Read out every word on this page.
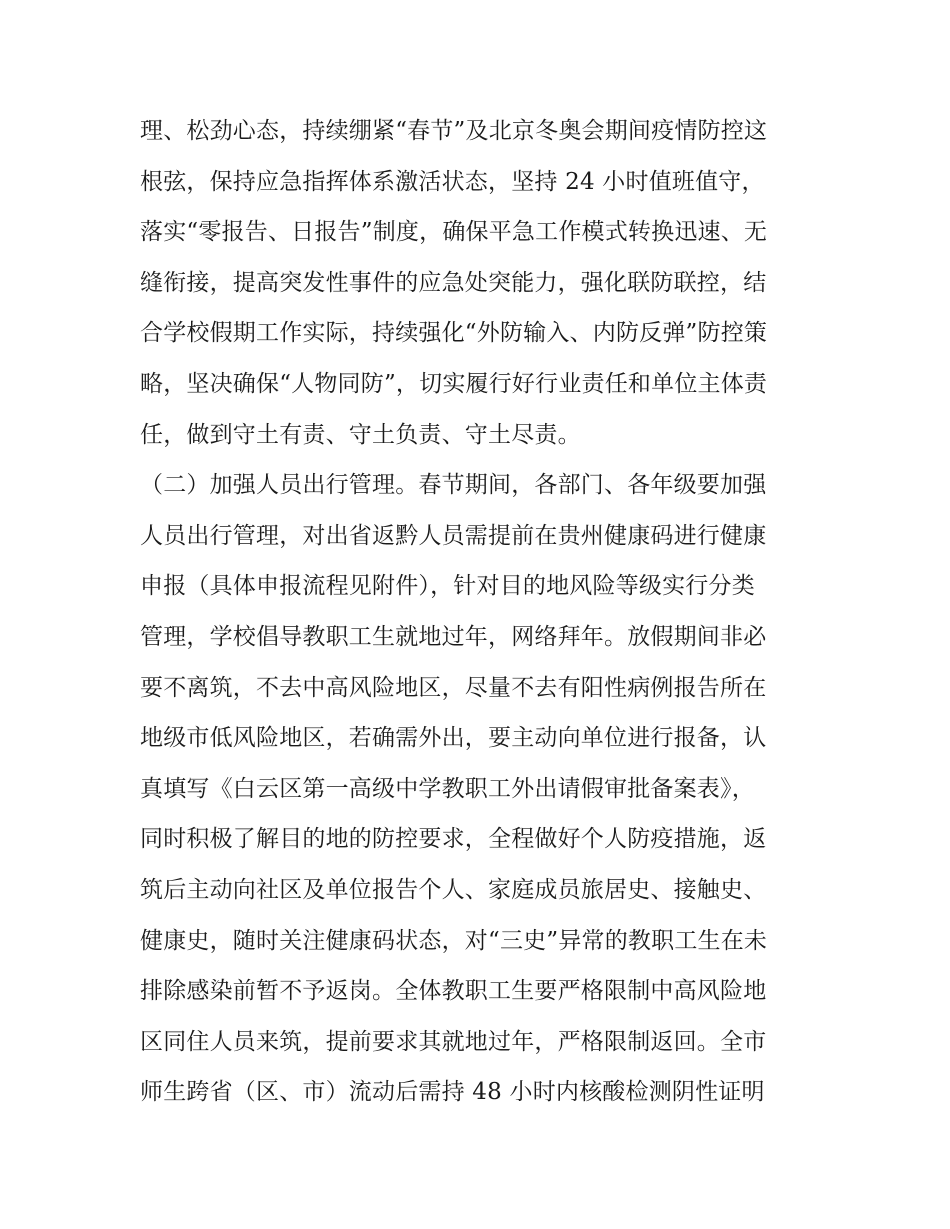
理、松劲心态，持续绷紧“春节”及北京冬奥会期间疫情防控这
根弦，保持应急指挥体系激活状态，坚持 24 小时值班值守，
落实“零报告、日报告”制度，确保平急工作模式转换迅速、无
缝衔接，提高突发性事件的应急处突能力，强化联防联控，结
合学校假期工作实际，持续强化“外防输入、内防反弹”防控策
略，坚决确保“人物同防”，切实履行好行业责任和单位主体责
任，做到守土有责、守土负责、守土尽责。
（二）加强人员出行管理。春节期间，各部门、各年级要加强
人员出行管理，对出省返黔人员需提前在贵州健康码进行健康
申报（具体申报流程见附件），针对目的地风险等级实行分类
管理，学校倡导教职工生就地过年，网络拜年。放假期间非必
要不离筑，不去中高风险地区，尽量不去有阳性病例报告所在
地级市低风险地区，若确需外出，要主动向单位进行报备，认
真填写《白云区第一高级中学教职工外出请假审批备案表》，
同时积极了解目的地的防控要求，全程做好个人防疫措施，返
筑后主动向社区及单位报告个人、家庭成员旅居史、接触史、
健康史，随时关注健康码状态，对“三史”异常的教职工生在未
排除感染前暂不予返岗。全体教职工生要严格限制中高风险地
区同住人员来筑，提前要求其就地过年，严格限制返回。全市
师生跨省（区、市）流动后需持 48 小时内核酸检测阴性证明
